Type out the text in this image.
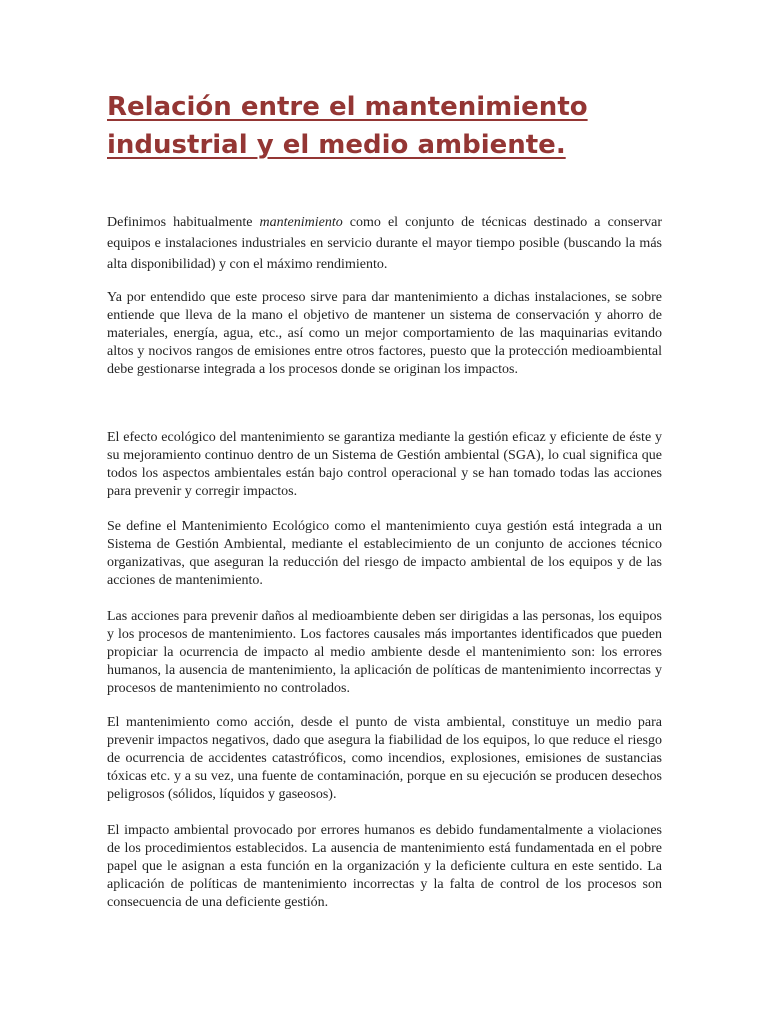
Relación entre el mantenimiento industrial y el medio ambiente.

Definimos habitualmente mantenimiento como el conjunto de técnicas destinado a conservar equipos e instalaciones industriales en servicio durante el mayor tiempo posible (buscando la más alta disponibilidad) y con el máximo rendimiento.

Ya por entendido que este proceso sirve para dar mantenimiento a dichas instalaciones, se sobre entiende que lleva de la mano el objetivo de mantener un sistema de conservación y ahorro de materiales, energía, agua, etc., así como un mejor comportamiento de las maquinarias evitando altos y nocivos rangos de emisiones entre otros factores, puesto que la protección medioambiental debe gestionarse integrada a los procesos donde se originan los impactos.

El efecto ecológico del mantenimiento se garantiza mediante la gestión eficaz y eficiente de éste y su mejoramiento continuo dentro de un Sistema de Gestión ambiental (SGA), lo cual significa que todos los aspectos ambientales están bajo control operacional y se han tomado todas las acciones para prevenir y corregir impactos.

Se define el Mantenimiento Ecológico como el mantenimiento cuya gestión está integrada a un Sistema de Gestión Ambiental, mediante el establecimiento de un conjunto de acciones técnico organizativas, que aseguran la reducción del riesgo de impacto ambiental de los equipos y de las acciones de mantenimiento.

Las acciones para prevenir daños al medioambiente deben ser dirigidas a las personas, los equipos y los procesos de mantenimiento. Los factores causales más importantes identificados que pueden propiciar la ocurrencia de impacto al medio ambiente desde el mantenimiento son: los errores humanos, la ausencia de mantenimiento, la aplicación de políticas de mantenimiento incorrectas y procesos de mantenimiento no controlados.

El mantenimiento como acción, desde el punto de vista ambiental, constituye un medio para prevenir impactos negativos, dado que asegura la fiabilidad de los equipos, lo que reduce el riesgo de ocurrencia de accidentes catastróficos, como incendios, explosiones, emisiones de sustancias tóxicas etc. y a su vez, una fuente de contaminación, porque en su ejecución se producen desechos peligrosos (sólidos, líquidos y gaseosos).

El impacto ambiental provocado por errores humanos es debido fundamentalmente a violaciones de los procedimientos establecidos. La ausencia de mantenimiento está fundamentada en el pobre papel que le asignan a esta función en la organización y la deficiente cultura en este sentido. La aplicación de políticas de mantenimiento incorrectas y la falta de control de los procesos son consecuencia de una deficiente gestión.
